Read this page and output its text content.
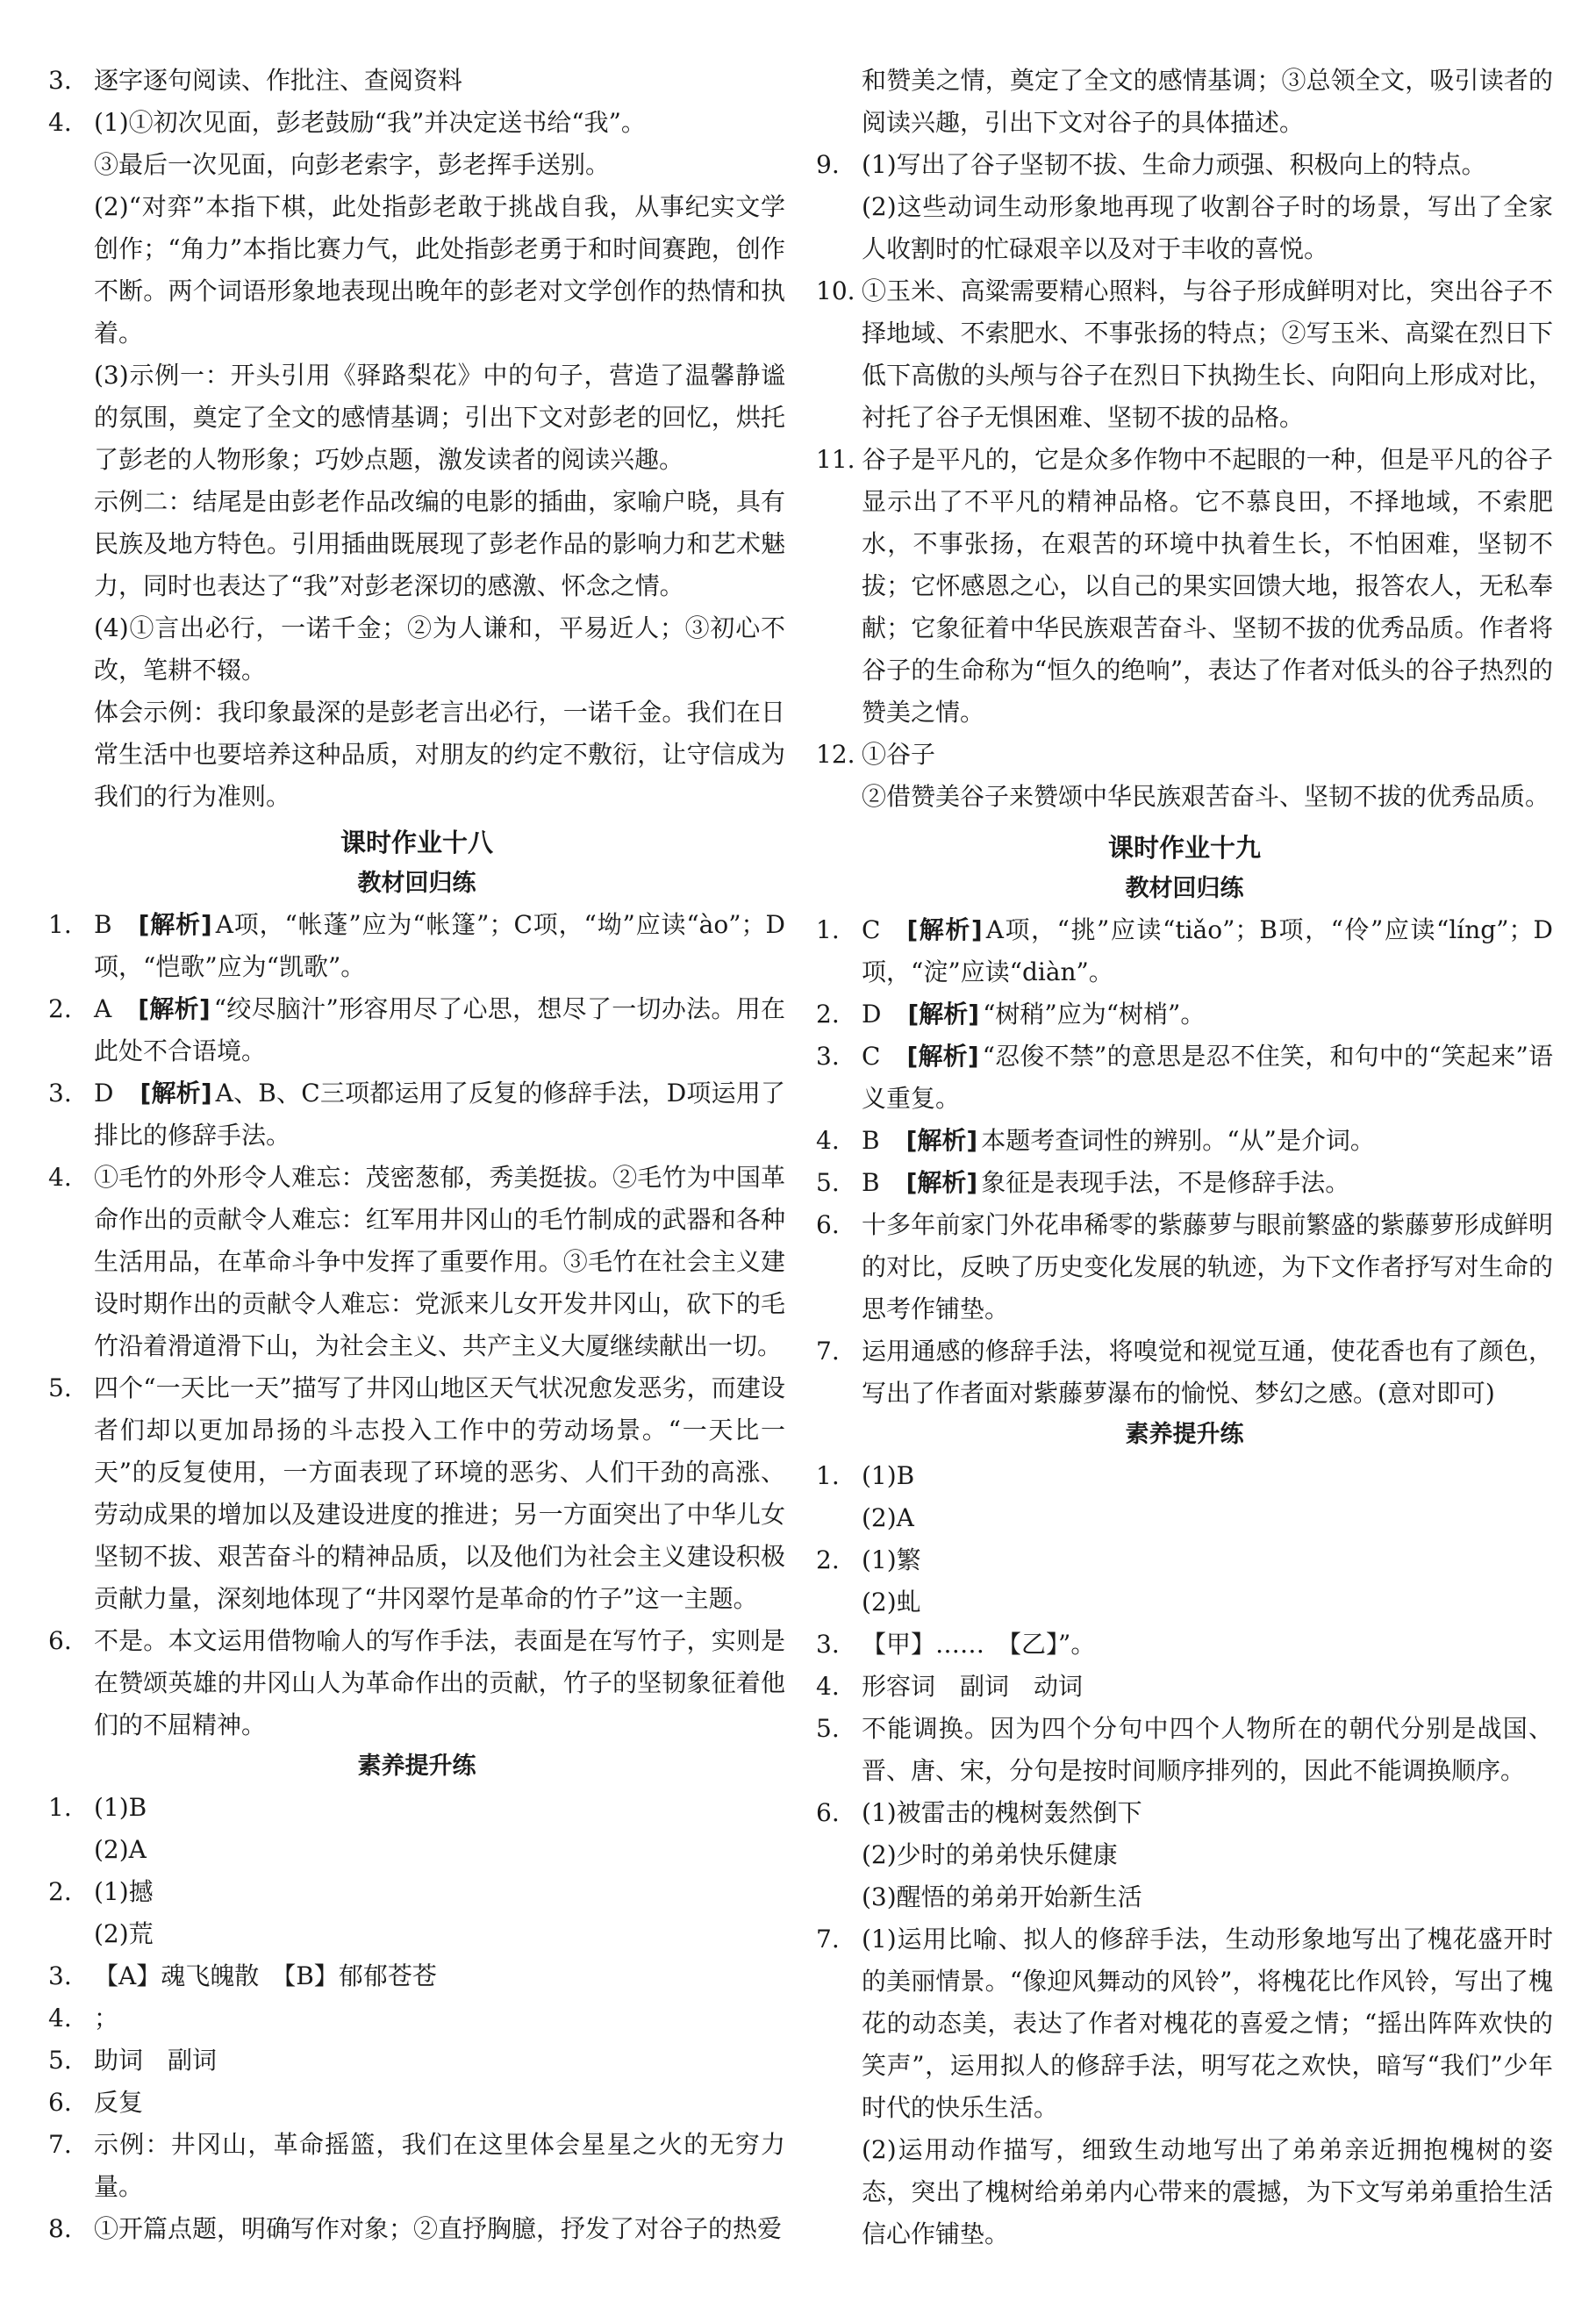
3. 逐字逐句阅读、作批注、查阅资料

4. (1)①初次见面，彭老鼓励“我”并决定送书给“我”。

③最后一次见面，向彭老索字，彭老挥手送别。

(2)“对弈”本指下棋，此处指彭老敢于挑战自我，从事纪实文学创作；“角力”本指比赛力气，此处指彭老勇于和时间赛跑，创作不断。两个词语形象地表现出晚年的彭老对文学创作的热情和执着。

(3)示例一：开头引用《驿路梨花》中的句子，营造了温馨静谧的氛围，奠定了全文的感情基调；引出下文对彭老的回忆，烘托了彭老的人物形象；巧妙点题，激发读者的阅读兴趣。

示例二：结尾是由彭老作品改编的电影的插曲，家喻户晓，具有民族及地方特色。引用插曲既展现了彭老作品的影响力和艺术魅力，同时也表达了“我”对彭老深切的感激、怀念之情。

(4)①言出必行，一诺千金；②为人谦和，平易近人；③初心不改，笔耕不辍。

体会示例：我印象最深的是彭老言出必行，一诺千金。我们在日常生活中也要培养这种品质，对朋友的约定不敷衍，让守信成为我们的行为准则。

课时作业十八
教材回归练
1. B [解析] A项，“帐蓬”应为“帐篷”；C项，“坳”应读“ào”；D项，“恺歌”应为“凯歌”。

2. A [解析] “绞尽脑汁”形容用尽了心思，想尽了一切办法。用在此处不合语境。

3. D [解析] A、B、C三项都运用了反复的修辞手法，D项运用了排比的修辞手法。

4. ①毛竹的外形令人难忘：茂密葱郁，秀美挺拔。②毛竹为中国革命作出的贡献令人难忘：红军用井冈山的毛竹制成的武器和各种生活用品，在革命斗争中发挥了重要作用。③毛竹在社会主义建设时期作出的贡献令人难忘：党派来儿女开发井冈山，砍下的毛竹沿着滑道滑下山，为社会主义、共产主义大厦继续献出一切。

5. 四个“一天比一天”描写了井冈山地区天气状况愈发恶劣，而建设者们却以更加昂扬的斗志投入工作中的劳动场景。“一天比一天”的反复使用，一方面表现了环境的恶劣、人们干劲的高涨、劳动成果的增加以及建设进度的推进；另一方面突出了中华儿女坚韧不拔、艰苦奋斗的精神品质，以及他们为社会主义建设积极贡献力量，深刻地体现了“井冈翠竹是革命的竹子”这一主题。

6. 不是。本文运用借物喻人的写作手法，表面是在写竹子，实则是在赞颂英雄的井冈山人为革命作出的贡献，竹子的坚韧象征着他们的不屈精神。

素养提升练
1. (1)B

(2)A

2. (1)撼

(2)荒

3. 【A】魂飞魄散　【B】郁郁苍苍

4. ；

5. 助词　副词

6. 反复

7. 示例：井冈山，革命摇篮，我们在这里体会星星之火的无穷力量。

8. ①开篇点题，明确写作对象；②直抒胸臆，抒发了对谷子的热爱

和赞美之情，奠定了全文的感情基调；③总领全文，吸引读者的阅读兴趣，引出下文对谷子的具体描述。

9. (1)写出了谷子坚韧不拔、生命力顽强、积极向上的特点。

(2)这些动词生动形象地再现了收割谷子时的场景，写出了全家人收割时的忙碌艰辛以及对于丰收的喜悦。

10. ①玉米、高粱需要精心照料，与谷子形成鲜明对比，突出谷子不择地域、不索肥水、不事张扬的特点；②写玉米、高粱在烈日下低下高傲的头颅与谷子在烈日下执拗生长、向阳向上形成对比，衬托了谷子无惧困难、坚韧不拔的品格。

11. 谷子是平凡的，它是众多作物中不起眼的一种，但是平凡的谷子显示出了不平凡的精神品格。它不慕良田，不择地域，不索肥水，不事张扬，在艰苦的环境中执着生长，不怕困难，坚韧不拔；它怀感恩之心，以自己的果实回馈大地，报答农人，无私奉献；它象征着中华民族艰苦奋斗、坚韧不拔的优秀品质。作者将谷子的生命称为“恒久的绝响”，表达了作者对低头的谷子热烈的赞美之情。

12. ①谷子

②借赞美谷子来赞颂中华民族艰苦奋斗、坚韧不拔的优秀品质。

课时作业十九
教材回归练
1. C [解析] A项，“挑”应读“tiǎo”；B项，“伶”应读“líng”；D项，“淀”应读“diàn”。

2. D [解析] “树稍”应为“树梢”。

3. C [解析] “忍俊不禁”的意思是忍不住笑，和句中的“笑起来”语义重复。

4. B [解析] 本题考查词性的辨别。“从”是介词。

5. B [解析] 象征是表现手法，不是修辞手法。

6. 十多年前家门外花串稀零的紫藤萝与眼前繁盛的紫藤萝形成鲜明的对比，反映了历史变化发展的轨迹，为下文作者抒写对生命的思考作铺垫。

7. 运用通感的修辞手法，将嗅觉和视觉互通，使花香也有了颜色，写出了作者面对紫藤萝瀑布的愉悦、梦幻之感。(意对即可)

素养提升练
1. (1)B

(2)A

2. (1)繁

(2)虬

3. 【甲】……　【乙】”。

4. 形容词　副词　动词

5. 不能调换。因为四个分句中四个人物所在的朝代分别是战国、晋、唐、宋，分句是按时间顺序排列的，因此不能调换顺序。

6. (1)被雷击的槐树轰然倒下

(2)少时的弟弟快乐健康

(3)醒悟的弟弟开始新生活

7. (1)运用比喻、拟人的修辞手法，生动形象地写出了槐花盛开时的美丽情景。“像迎风舞动的风铃”，将槐花比作风铃，写出了槐花的动态美，表达了作者对槐花的喜爱之情；“摇出阵阵欢快的笑声”，运用拟人的修辞手法，明写花之欢快，暗写“我们”少年时代的快乐生活。

(2)运用动作描写，细致生动地写出了弟弟亲近拥抱槐树的姿态，突出了槐树给弟弟内心带来的震撼，为下文写弟弟重拾生活信心作铺垫。
